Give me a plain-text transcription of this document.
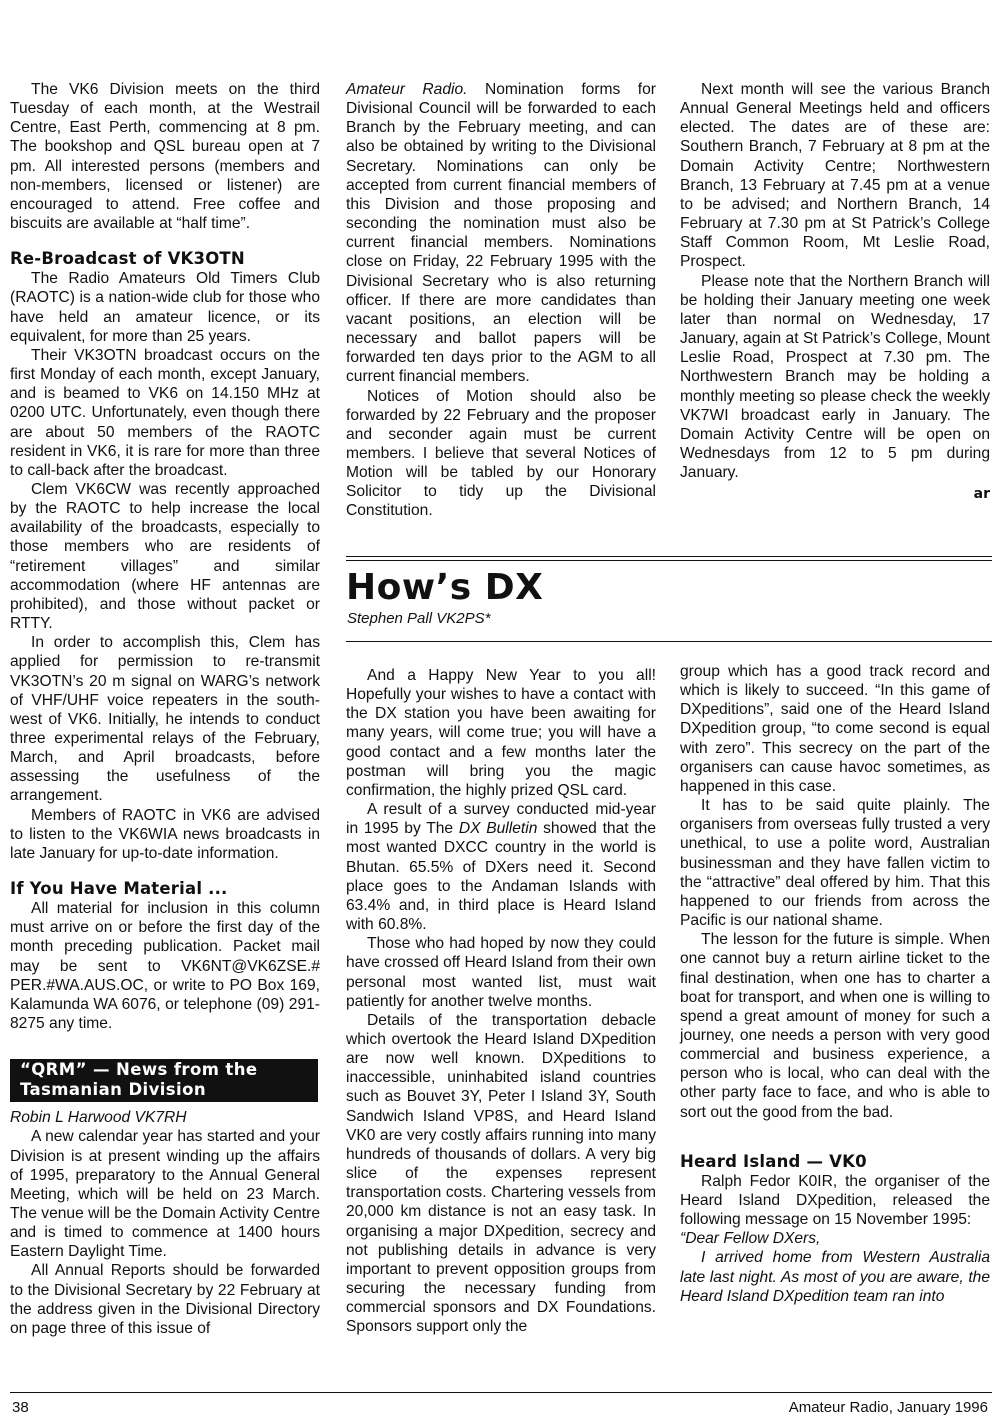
The VK6 Division meets on the third Tuesday of each month, at the Westrail Centre, East Perth, commencing at 8 pm. The bookshop and QSL bureau open at 7 pm. All interested persons (members and non-members, licensed or listener) are encouraged to attend. Free coffee and biscuits are available at “half time”.

Re-Broadcast of VK3OTN

The Radio Amateurs Old Timers Club (RAOTC) is a nation-wide club for those who have held an amateur licence, or its equivalent, for more than 25 years.

Their VK3OTN broadcast occurs on the first Monday of each month, except January, and is beamed to VK6 on 14.150 MHz at 0200 UTC. Unfortunately, even though there are about 50 members of the RAOTC resident in VK6, it is rare for more than three to call-back after the broadcast.

Clem VK6CW was recently approached by the RAOTC to help increase the local availability of the broadcasts, especially to those members who are residents of “retirement villages” and similar accommodation (where HF antennas are prohibited), and those without packet or RTTY.

In order to accomplish this, Clem has applied for permission to re-transmit VK3OTN’s 20 m signal on WARG’s network of VHF/UHF voice repeaters in the south-west of VK6. Initially, he intends to conduct three experimental relays of the February, March, and April broadcasts, before assessing the usefulness of the arrangement.

Members of RAOTC in VK6 are advised to listen to the VK6WIA news broadcasts in late January for up-to-date information.

If You Have Material ...

All material for inclusion in this column must arrive on or before the first day of the month preceding publication. Packet mail may be sent to VK6NT@VK6ZSE.# PER.#WA.AUS.OC, or write to PO Box 169, Kalamunda WA 6076, or telephone (09) 291-8275 any time.

“QRM” — News from the Tasmanian Division

Robin L Harwood VK7RH

A new calendar year has started and your Division is at present winding up the affairs of 1995, preparatory to the Annual General Meeting, which will be held on 23 March. The venue will be the Domain Activity Centre and is timed to commence at 1400 hours Eastern Daylight Time.

All Annual Reports should be forwarded to the Divisional Secretary by 22 February at the address given in the Divisional Directory on page three of this issue of

Amateur Radio. Nomination forms for Divisional Council will be forwarded to each Branch by the February meeting, and can also be obtained by writing to the Divisional Secretary. Nominations can only be accepted from current financial members of this Division and those proposing and seconding the nomination must also be current financial members. Nominations close on Friday, 22 February 1995 with the Divisional Secretary who is also returning officer. If there are more candidates than vacant positions, an election will be necessary and ballot papers will be forwarded ten days prior to the AGM to all current financial members.

Notices of Motion should also be forwarded by 22 February and the proposer and seconder again must be current members. I believe that several Notices of Motion will be tabled by our Honorary Solicitor to tidy up the Divisional Constitution.

Next month will see the various Branch Annual General Meetings held and officers elected. The dates are of these are: Southern Branch, 7 February at 8 pm at the Domain Activity Centre; Northwestern Branch, 13 February at 7.45 pm at a venue to be advised; and Northern Branch, 14 February at 7.30 pm at St Patrick’s College Staff Common Room, Mt Leslie Road, Prospect.

Please note that the Northern Branch will be holding their January meeting one week later than normal on Wednesday, 17 January, again at St Patrick’s College, Mount Leslie Road, Prospect at 7.30 pm. The Northwestern Branch may be holding a monthly meeting so please check the weekly VK7WI broadcast early in January. The Domain Activity Centre will be open on Wednesdays from 12 to 5 pm during January.

ar
How’s DX
Stephen Pall VK2PS*

And a Happy New Year to you all! Hopefully your wishes to have a contact with the DX station you have been awaiting for many years, will come true; you will have a good contact and a few months later the postman will bring you the magic confirmation, the highly prized QSL card.

A result of a survey conducted mid-year in 1995 by The DX Bulletin showed that the most wanted DXCC country in the world is Bhutan. 65.5% of DXers need it. Second place goes to the Andaman Islands with 63.4% and, in third place is Heard Island with 60.8%.

Those who had hoped by now they could have crossed off Heard Island from their own personal most wanted list, must wait patiently for another twelve months.

Details of the transportation debacle which overtook the Heard Island DXpedition are now well known. DXpeditions to inaccessible, uninhabited island countries such as Bouvet 3Y, Peter I Island 3Y, South Sandwich Island VP8S, and Heard Island VK0 are very costly affairs running into many hundreds of thousands of dollars. A very big slice of the expenses represent transportation costs. Chartering vessels from 20,000 km distance is not an easy task. In organising a major DXpedition, secrecy and not publishing details in advance is very important to prevent opposition groups from securing the necessary funding from commercial sponsors and DX Foundations. Sponsors support only the

group which has a good track record and which is likely to succeed. “In this game of DXpeditions”, said one of the Heard Island DXpedition group, “to come second is equal with zero”. This secrecy on the part of the organisers can cause havoc sometimes, as happened in this case.

It has to be said quite plainly. The organisers from overseas fully trusted a very unethical, to use a polite word, Australian businessman and they have fallen victim to the “attractive” deal offered by him. That this happened to our friends from across the Pacific is our national shame.

The lesson for the future is simple. When one cannot buy a return airline ticket to the final destination, when one has to charter a boat for transport, and when one is willing to spend a great amount of money for such a journey, one needs a person with very good commercial and business experience, a person who is local, who can deal with the other party face to face, and who is able to sort out the good from the bad.

Heard Island — VK0

Ralph Fedor K0IR, the organiser of the Heard Island DXpedition, released the following message on 15 November 1995:

“Dear Fellow DXers,

I arrived home from Western Australia late last night. As most of you are aware, the Heard Island DXpedition team ran into

38	Amateur Radio, January 1996
